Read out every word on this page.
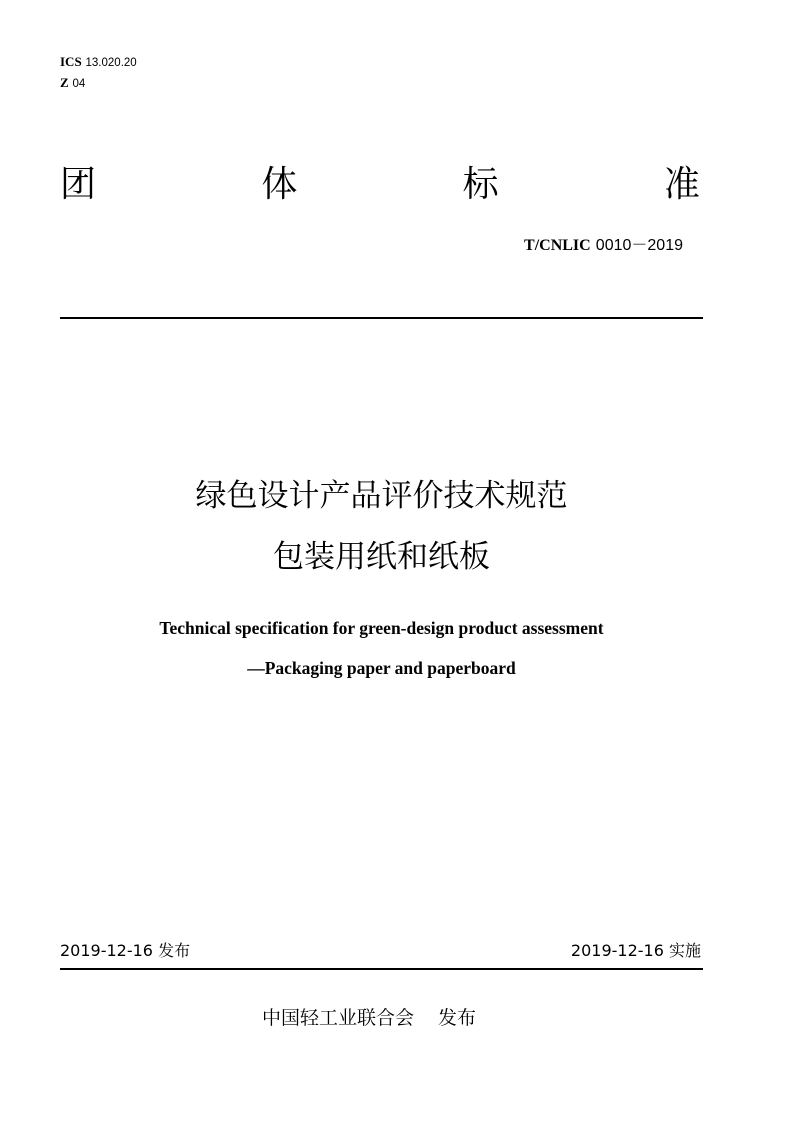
ICS 13.020.20
Z 04
团	体	标	准
T/CNLIC 0010－2019
绿色设计产品评价技术规范
包装用纸和纸板
Technical specification for green-design product assessment
—Packaging paper and paperboard
2019-12-16 发布	2019-12-16 实施
中国轻工业联合会 发布
